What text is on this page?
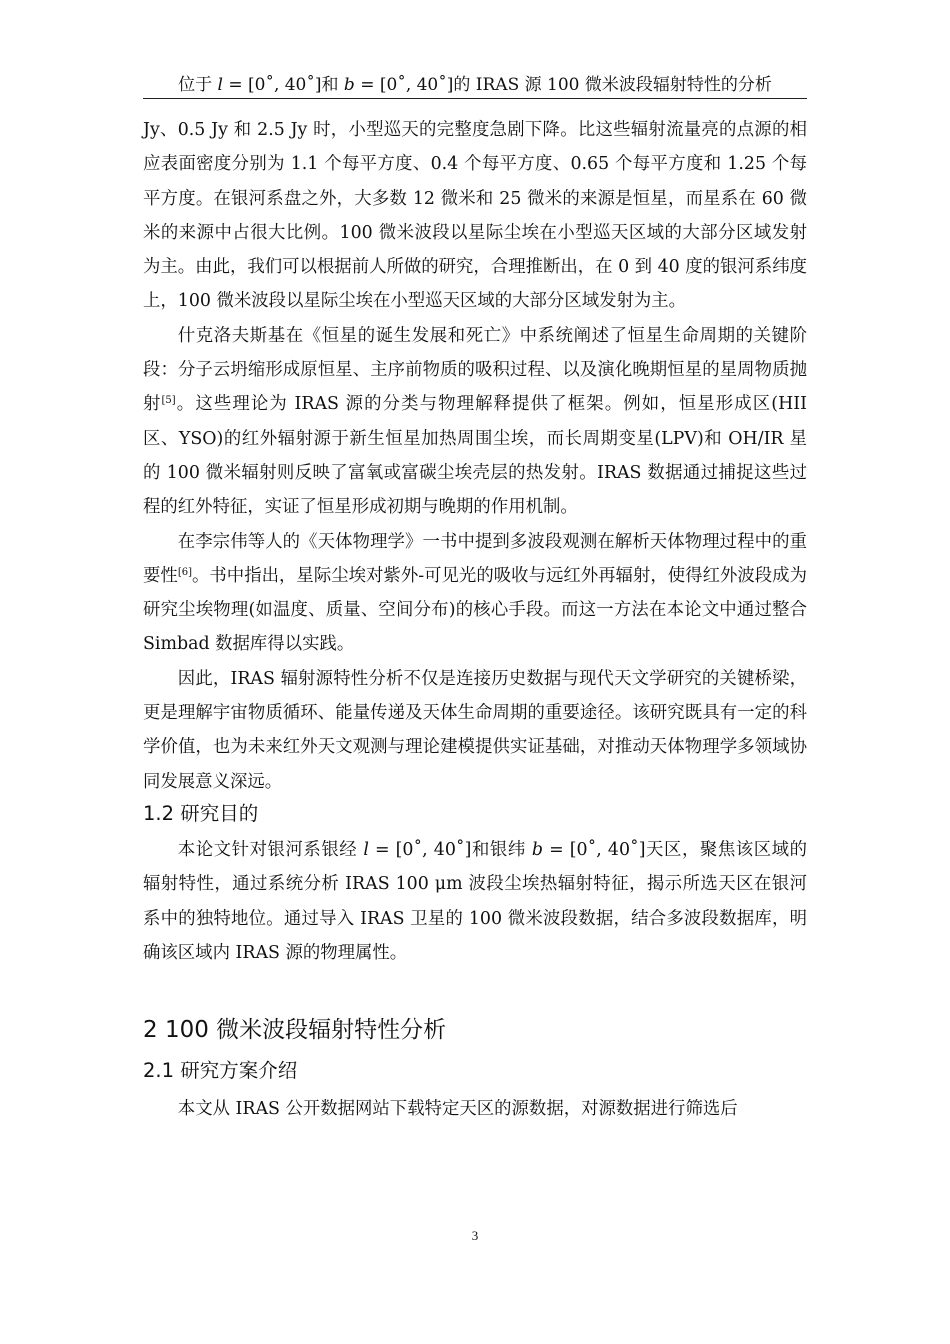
位于 l = [0˚, 40˚]和 b = [0˚, 40˚]的 IRAS 源 100 微米波段辐射特性的分析

Jy、0.5 Jy 和 2.5 Jy 时，小型巡天的完整度急剧下降。比这些辐射流量亮的点源的相应表面密度分别为 1.1 个每平方度、0.4 个每平方度、0.65 个每平方度和 1.25 个每平方度。在银河系盘之外，大多数 12 微米和 25 微米的来源是恒星，而星系在 60 微米的来源中占很大比例。100 微米波段以星际尘埃在小型巡天区域的大部分区域发射为主。由此，我们可以根据前人所做的研究，合理推断出，在 0 到 40 度的银河系纬度上，100 微米波段以星际尘埃在小型巡天区域的大部分区域发射为主。

什克洛夫斯基在《恒星的诞生发展和死亡》中系统阐述了恒星生命周期的关键阶段：分子云坍缩形成原恒星、主序前物质的吸积过程、以及演化晚期恒星的星周物质抛射[5]。这些理论为 IRAS 源的分类与物理解释提供了框架。例如，恒星形成区(HII 区、YSO)的红外辐射源于新生恒星加热周围尘埃，而长周期变星(LPV)和 OH/IR 星的 100 微米辐射则反映了富氧或富碳尘埃壳层的热发射。IRAS 数据通过捕捉这些过程的红外特征，实证了恒星形成初期与晚期的作用机制。

在李宗伟等人的《天体物理学》一书中提到多波段观测在解析天体物理过程中的重要性[6]。书中指出，星际尘埃对紫外-可见光的吸收与远红外再辐射，使得红外波段成为研究尘埃物理(如温度、质量、空间分布)的核心手段。而这一方法在本论文中通过整合 Simbad 数据库得以实践。

因此，IRAS 辐射源特性分析不仅是连接历史数据与现代天文学研究的关键桥梁，更是理解宇宙物质循环、能量传递及天体生命周期的重要途径。该研究既具有一定的科学价值，也为未来红外天文观测与理论建模提供实证基础，对推动天体物理学多领域协同发展意义深远。

1.2 研究目的

本论文针对银河系银经 l = [0˚, 40˚]和银纬 b = [0˚, 40˚]天区，聚焦该区域的辐射特性，通过系统分析 IRAS 100 μm 波段尘埃热辐射特征，揭示所选天区在银河系中的独特地位。通过导入 IRAS 卫星的 100 微米波段数据，结合多波段数据库，明确该区域内 IRAS 源的物理属性。

2 100 微米波段辐射特性分析
2.1 研究方案介绍

本文从 IRAS 公开数据网站下载特定天区的源数据，对源数据进行筛选后

3
